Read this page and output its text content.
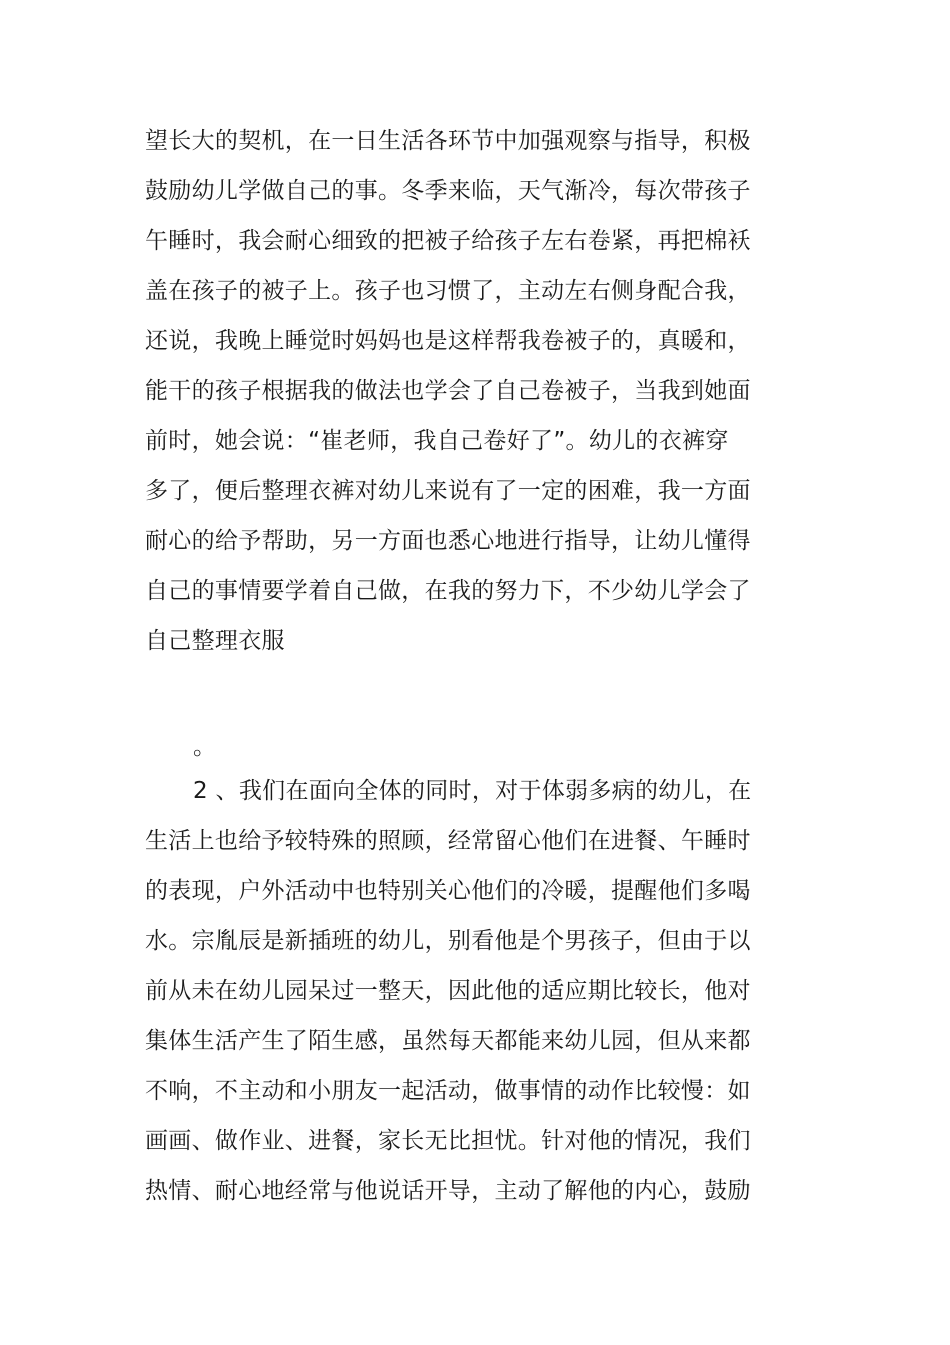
望长大的契机，在一日生活各环节中加强观察与指导，积极
鼓励幼儿学做自己的事。冬季来临，天气渐冷，每次带孩子
午睡时，我会耐心细致的把被子给孩子左右卷紧，再把棉袄
盖在孩子的被子上。孩子也习惯了，主动左右侧身配合我，
还说，我晚上睡觉时妈妈也是这样帮我卷被子的，真暖和，
能干的孩子根据我的做法也学会了自己卷被子，当我到她面
前时，她会说：“崔老师，我自己卷好了”。幼儿的衣裤穿
多了，便后整理衣裤对幼儿来说有了一定的困难，我一方面
耐心的给予帮助，另一方面也悉心地进行指导，让幼儿懂得
自己的事情要学着自己做，在我的努力下，不少幼儿学会了
自己整理衣服
。
2 、我们在面向全体的同时，对于体弱多病的幼儿，在
生活上也给予较特殊的照顾，经常留心他们在进餐、午睡时
的表现，户外活动中也特别关心他们的冷暖，提醒他们多喝
水。宗胤辰是新插班的幼儿，别看他是个男孩子，但由于以
前从未在幼儿园呆过一整天，因此他的适应期比较长，他对
集体生活产生了陌生感，虽然每天都能来幼儿园，但从来都
不响，不主动和小朋友一起活动，做事情的动作比较慢：如
画画、做作业、进餐，家长无比担忧。针对他的情况，我们
热情、耐心地经常与他说话开导，主动了解他的内心，鼓励
